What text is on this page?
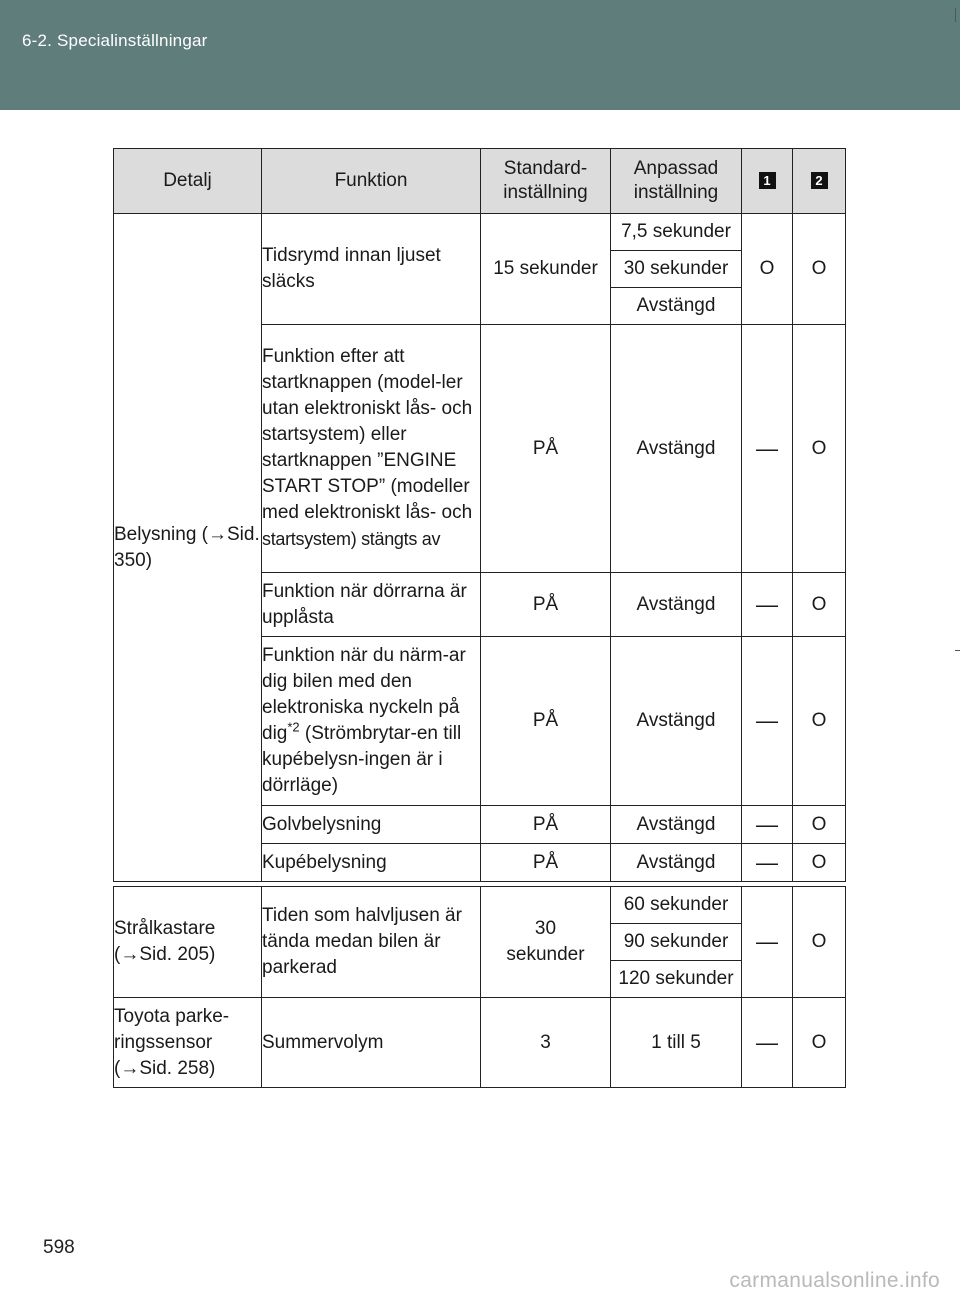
6-2. Specialinställningar
Detalj	Funktion	Standard-inställning	Anpassad inställning	1	2
Belysning (→Sid. 350)	Tidsrymd innan ljuset släcks	15 sekunder	7,5 sekunder	O	O
			30 sekunder		
			Avstängd		
	Funktion efter att startknappen (model-ler utan elektroniskt lås- och startsystem) eller startknappen ”ENGINE START STOP” (modeller med elektroniskt lås- och startsystem) stängts av	PÅ	Avstängd	—	O
	Funktion när dörrarna är upplåsta	PÅ	Avstängd	—	O
	Funktion när du närm-ar dig bilen med den elektroniska nyckeln på dig$^{*2}$ (Strömbrytar-en till kupébelysn-ingen är i dörrläge)	PÅ	Avstängd	—	O
	Golvbelysning	PÅ	Avstängd	—	O
	Kupébelysning	PÅ	Avstängd	—	O
Strålkastare (→Sid. 205)	Tiden som halvljusen är tända medan bilen är parkerad	30 sekunder	60 sekunder	—	O
			90 sekunder		
			120 sekunder		
Toyota parke-ringssensor (→Sid. 258)	Summervolym	3	1 till 5	—	O
598
carmanualsonline.info
